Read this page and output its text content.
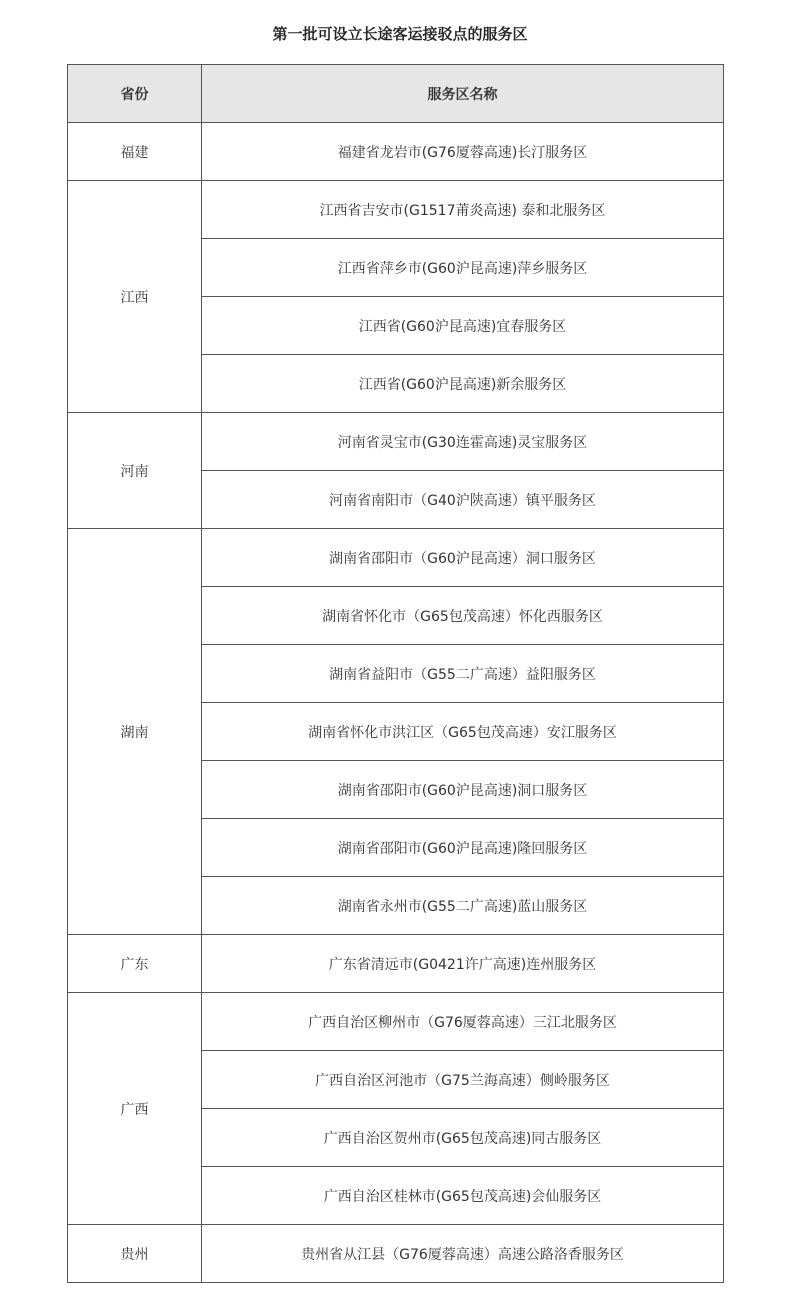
第一批可设立长途客运接驳点的服务区
省份	服务区名称
福建	福建省龙岩市(G76厦蓉高速)长汀服务区
江西	江西省吉安市(G1517莆炎高速) 泰和北服务区
	江西省萍乡市(G60沪昆高速)萍乡服务区
	江西省(G60沪昆高速)宜春服务区
	江西省(G60沪昆高速)新余服务区
河南	河南省灵宝市(G30连霍高速)灵宝服务区
	河南省南阳市（G40沪陕高速）镇平服务区
湖南	湖南省邵阳市（G60沪昆高速）洞口服务区
	湖南省怀化市（G65包茂高速）怀化西服务区
	湖南省益阳市（G55二广高速）益阳服务区
	湖南省怀化市洪江区（G65包茂高速）安江服务区
	湖南省邵阳市(G60沪昆高速)洞口服务区
	湖南省邵阳市(G60沪昆高速)隆回服务区
	湖南省永州市(G55二广高速)蓝山服务区
广东	广东省清远市(G0421许广高速)连州服务区
广西	广西自治区柳州市（G76厦蓉高速）三江北服务区
	广西自治区河池市（G75兰海高速）侧岭服务区
	广西自治区贺州市(G65包茂高速)同古服务区
	广西自治区桂林市(G65包茂高速)会仙服务区
贵州	贵州省从江县（G76厦蓉高速）高速公路洛香服务区
